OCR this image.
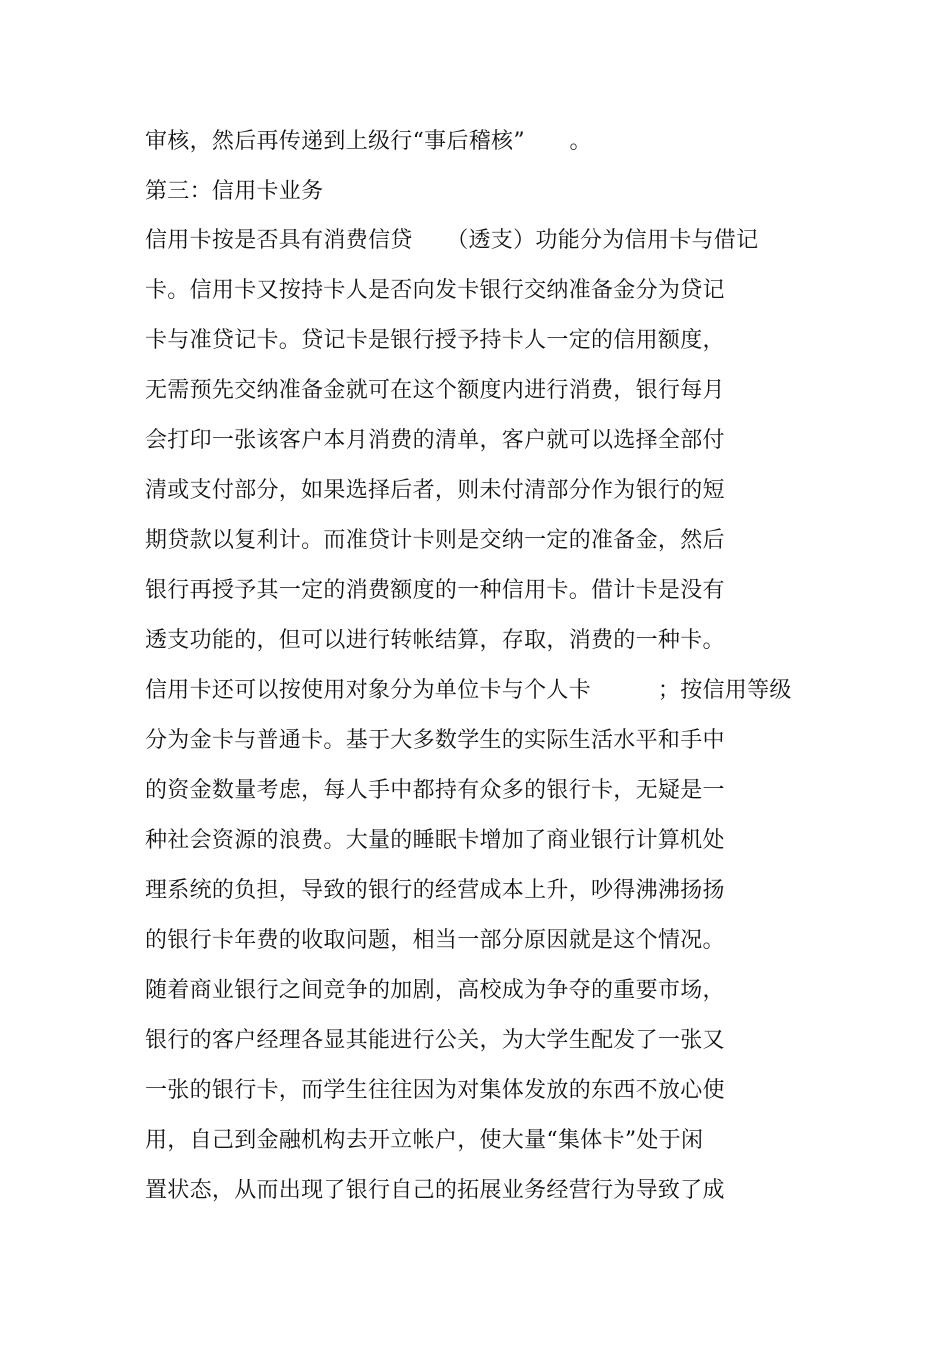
审核，然后再传递到上级行“事后稽核”　　。
第三：信用卡业务
信用卡按是否具有消费信贷　　（透支）功能分为信用卡与借记
卡。信用卡又按持卡人是否向发卡银行交纳准备金分为贷记
卡与准贷记卡。贷记卡是银行授予持卡人一定的信用额度，
无需预先交纳准备金就可在这个额度内进行消费，银行每月
会打印一张该客户本月消费的清单，客户就可以选择全部付
清或支付部分，如果选择后者，则未付清部分作为银行的短
期贷款以复利计。而准贷计卡则是交纳一定的准备金，然后
银行再授予其一定的消费额度的一种信用卡。借计卡是没有
透支功能的，但可以进行转帐结算，存取，消费的一种卡。
信用卡还可以按使用对象分为单位卡与个人卡　　　；按信用等级
分为金卡与普通卡。基于大多数学生的实际生活水平和手中
的资金数量考虑，每人手中都持有众多的银行卡，无疑是一
种社会资源的浪费。大量的睡眠卡增加了商业银行计算机处
理系统的负担，导致的银行的经营成本上升，吵得沸沸扬扬
的银行卡年费的收取问题，相当一部分原因就是这个情况。
随着商业银行之间竞争的加剧，高校成为争夺的重要市场，
银行的客户经理各显其能进行公关，为大学生配发了一张又
一张的银行卡，而学生往往因为对集体发放的东西不放心使
用，自己到金融机构去开立帐户，使大量“集体卡”处于闲
置状态，从而出现了银行自己的拓展业务经营行为导致了成
